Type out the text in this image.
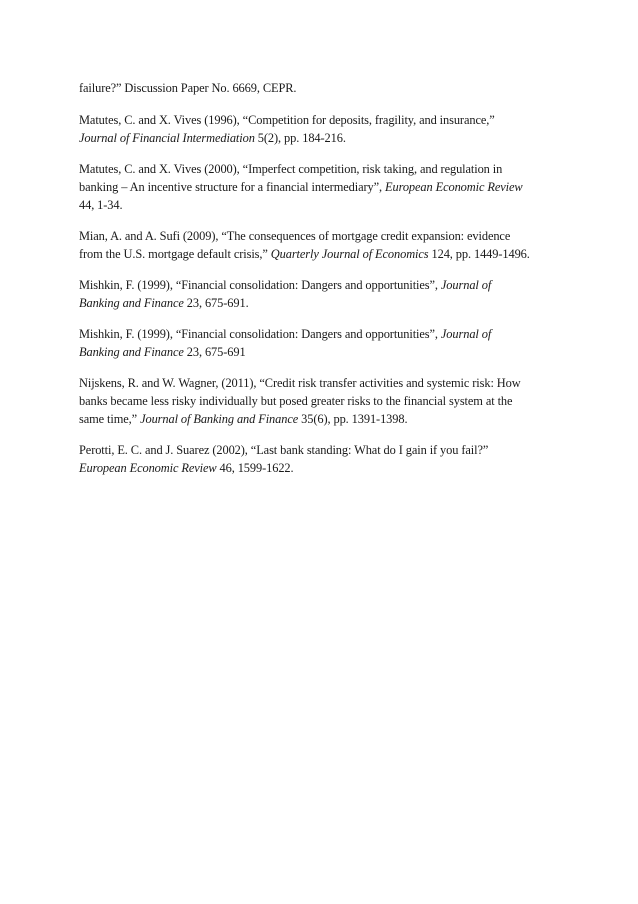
failure?” Discussion Paper No. 6669, CEPR.
Matutes, C. and X. Vives (1996), “Competition for deposits, fragility, and insurance,”
Journal of Financial Intermediation 5(2), pp. 184-216.
Matutes, C. and X. Vives (2000), “Imperfect competition, risk taking, and regulation in
banking – An incentive structure for a financial intermediary”, European Economic Review
44, 1-34.
Mian, A. and A. Sufi (2009), “The consequences of mortgage credit expansion: evidence
from the U.S. mortgage default crisis,” Quarterly Journal of Economics 124, pp. 1449-1496.
Mishkin, F. (1999), “Financial consolidation: Dangers and opportunities”, Journal of
Banking and Finance 23, 675-691.
Mishkin, F. (1999), “Financial consolidation: Dangers and opportunities”, Journal of
Banking and Finance 23, 675-691
Nijskens, R. and W. Wagner, (2011), “Credit risk transfer activities and systemic risk: How
banks became less risky individually but posed greater risks to the financial system at the
same time,” Journal of Banking and Finance 35(6), pp. 1391-1398.
Perotti, E. C. and J. Suarez (2002), “Last bank standing: What do I gain if you fail?”
European Economic Review 46, 1599-1622.
